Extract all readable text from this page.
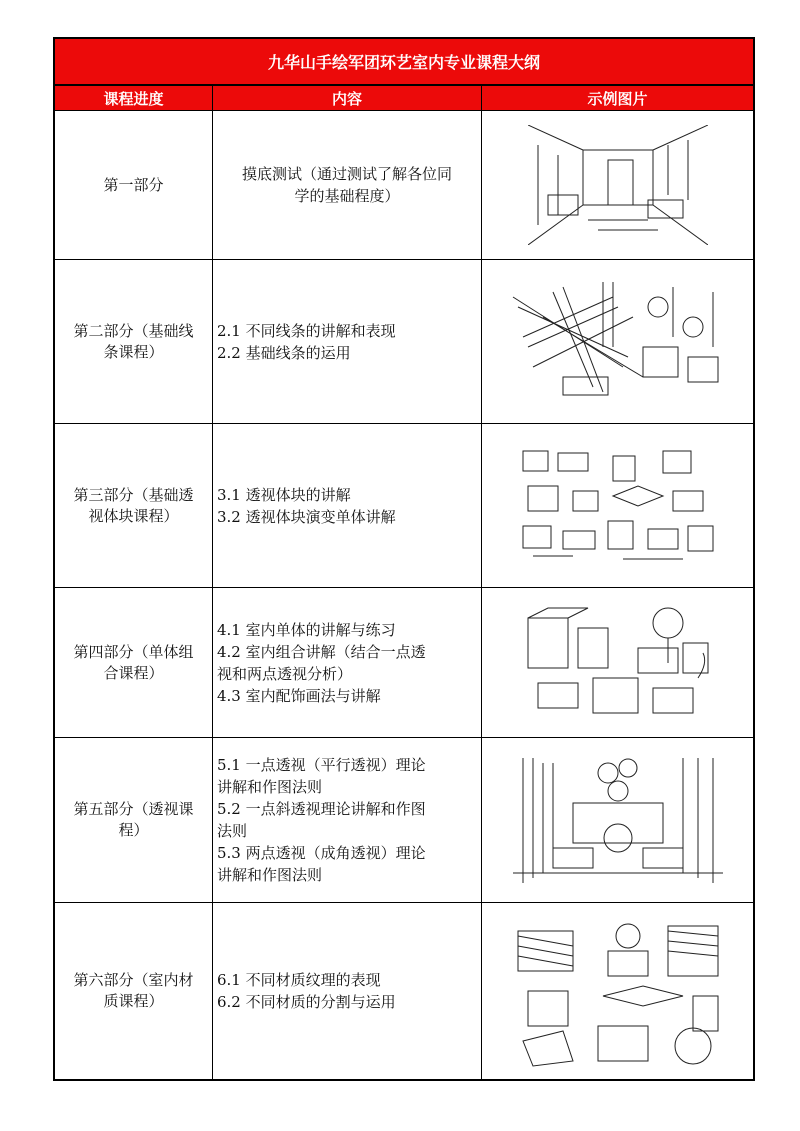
九华山手绘军团环艺室内专业课程大纲
课程进度	内容	示例图片
第一部分
摸底测试（通过测试了解各位同
学的基础程度）
第二部分（基础线
条课程）
2.1 不同线条的讲解和表现
2.2 基础线条的运用
第三部分（基础透
视体块课程）
3.1 透视体块的讲解
3.2 透视体块演变单体讲解
第四部分（单体组
合课程）
4.1 室内单体的讲解与练习
4.2 室内组合讲解（结合一点透
视和两点透视分析）
4.3 室内配饰画法与讲解
第五部分（透视课
程）
5.1 一点透视（平行透视）理论
讲解和作图法则
5.2 一点斜透视理论讲解和作图
法则
5.3 两点透视（成角透视）理论
讲解和作图法则
第六部分（室内材
质课程）
6.1 不同材质纹理的表现
6.2 不同材质的分割与运用
